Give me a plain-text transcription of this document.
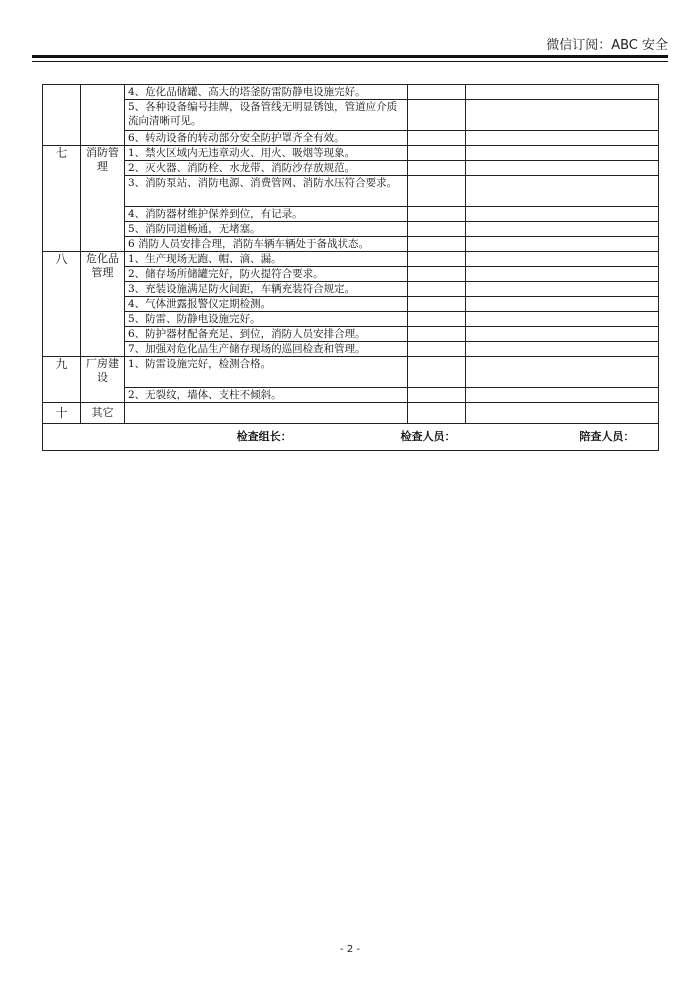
微信订阅：ABC 安全
		4、危化品储罐、高大的塔釜防雷防静电设施完好。		
		5、各种设备编号挂牌，设备管线无明显锈蚀，管道应介质流向清晰可见。		
		6、转动设备的转动部分安全防护罩齐全有效。		
七	消防管理	1、禁火区域内无违章动火、用火、吸烟等现象。		
		2、灭火器、消防栓、水龙带、消防沙存放规范。		
		3、消防泵站、消防电源、消费管网、消防水压符合要求。		
		4、消防器材维护保养到位，有记录。		
		5、消防同道畅通，无堵塞。		
		6 消防人员安排合理，消防车辆车辆处于备战状态。		
八	危化品管理	1、生产现场无跑、帽、滴、漏。		
		2、储存场所储罐完好，防火提符合要求。		
		3、充装设施满足防火间距，车辆充装符合规定。		
		4、气体泄露报警仪定期检测。		
		5、防雷、防静电设施完好。		
		6、防护器材配备充足、到位，消防人员安排合理。		
		7、加强对危化品生产储存现场的巡回检查和管理。		
九	厂房建设	1、防雷设施完好，检测合格。		
		2、无裂纹，墙体、支柱不倾斜。		
十	其它			
检查组长： 检查人员： 陪查人员：				
- 2 -
